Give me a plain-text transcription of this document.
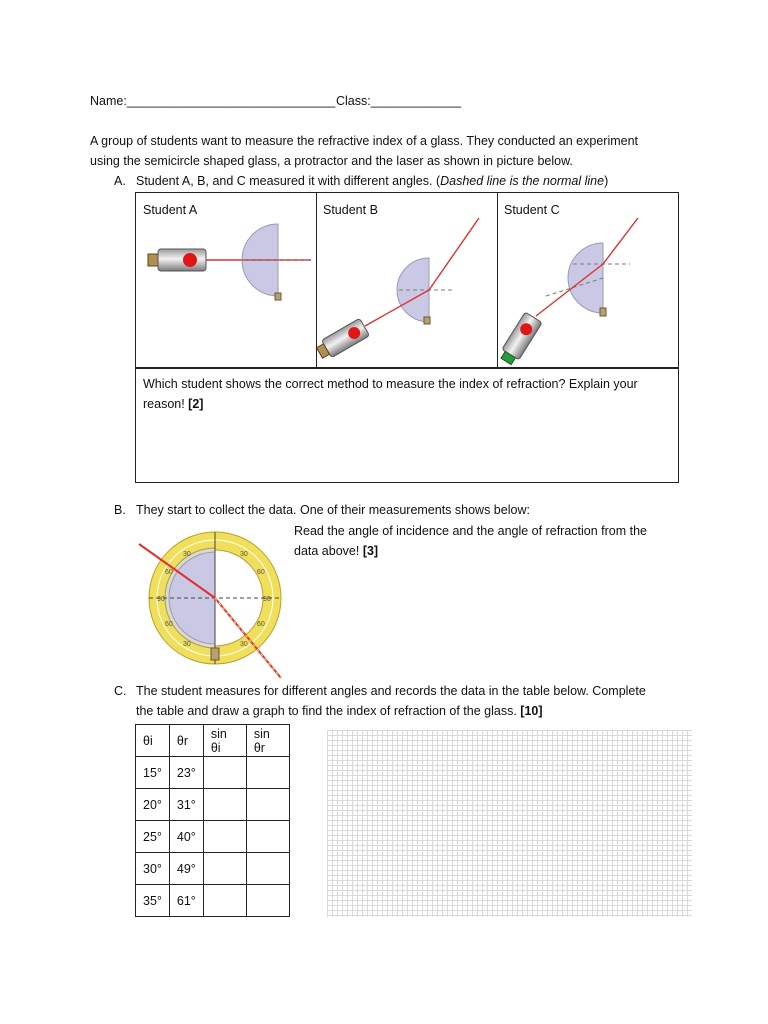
Name:______________________________ Class:_____________
A group of students want to measure the refractive index of a glass. They conducted an experiment
using the semicircle shaped glass, a protractor and the laser as shown in picture below.
A. Student A, B, and C measured it with different angles. (Dashed line is the normal line)
Student A	Student B	Student C
Which student shows the correct method to measure the index of refraction? Explain your
reason! [2]
B. They start to collect the data. One of their measurements shows below:
Read the angle of incidence and the angle of refraction from the
data above! [3]
30
60
90
60
30
30
60
90
60
30
C. The student measures for different angles and records the data in the table below. Complete
the table and draw a graph to find the index of refraction of the glass. [10]
θi	θr	sin θi	sin θr
15°	23°		
20°	31°		
25°	40°		
30°	49°		
35°	61°		
